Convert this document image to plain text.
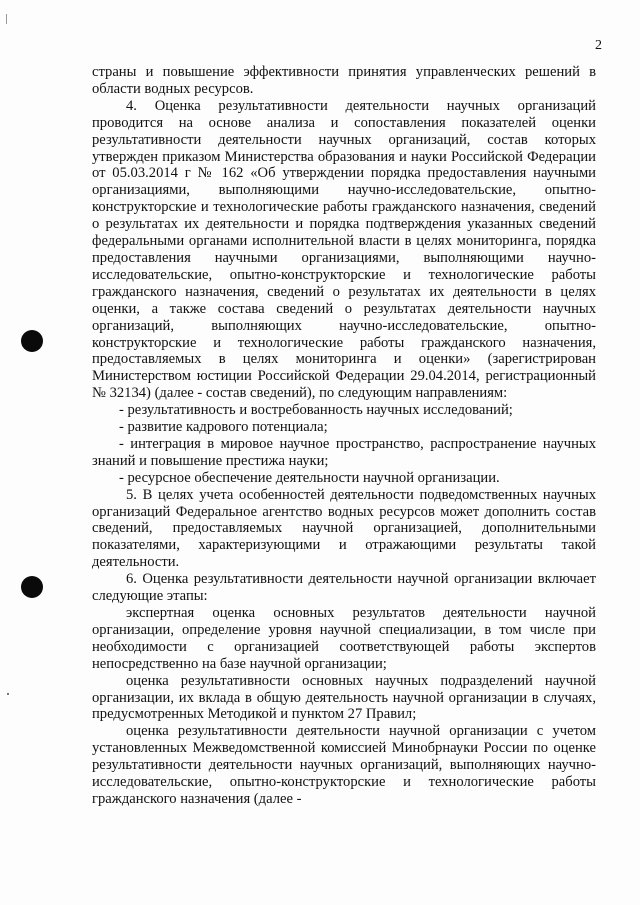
2

страны и повышение эффективности принятия управленческих решений в области водных ресурсов.

4. Оценка результативности деятельности научных организаций проводится на основе анализа и сопоставления показателей оценки результативности деятельности научных организаций, состав которых утвержден приказом Министерства образования и науки Российской Федерации от 05.03.2014 г № 162 «Об утверждении порядка предоставления научными организациями, выполняющими научно-исследовательские, опытно-конструкторские и технологические работы гражданского назначения, сведений о результатах их деятельности и порядка подтверждения указанных сведений федеральными органами исполнительной власти в целях мониторинга, порядка предоставления научными организациями, выполняющими научно-исследовательские, опытно-конструкторские и технологические работы гражданского назначения, сведений о результатах их деятельности в целях оценки, а также состава сведений о результатах деятельности научных организаций, выполняющих научно-исследовательские, опытно-конструкторские и технологические работы гражданского назначения, предоставляемых в целях мониторинга и оценки» (зарегистрирован Министерством юстиции Российской Федерации 29.04.2014, регистрационный № 32134) (далее - состав сведений), по следующим направлениям:

- результативность и востребованность научных исследований;

- развитие кадрового потенциала;

- интеграция в мировое научное пространство, распространение научных знаний и повышение престижа науки;

- ресурсное обеспечение деятельности научной организации.

5. В целях учета особенностей деятельности подведомственных научных организаций Федеральное агентство водных ресурсов может дополнить состав сведений, предоставляемых научной организацией, дополнительными показателями, характеризующими и отражающими результаты такой деятельности.

6. Оценка результативности деятельности научной организации включает следующие этапы:

экспертная оценка основных результатов деятельности научной организации, определение уровня научной специализации, в том числе при необходимости с организацией соответствующей работы экспертов непосредственно на базе научной организации;

оценка результативности основных научных подразделений научной организации, их вклада в общую деятельность научной организации в случаях, предусмотренных Методикой и пунктом 27 Правил;

оценка результативности деятельности научной организации с учетом установленных Межведомственной комиссией Минобрнауки России по оценке результативности деятельности научных организаций, выполняющих научно-исследовательские, опытно-конструкторские и технологические работы гражданского назначения (далее -
